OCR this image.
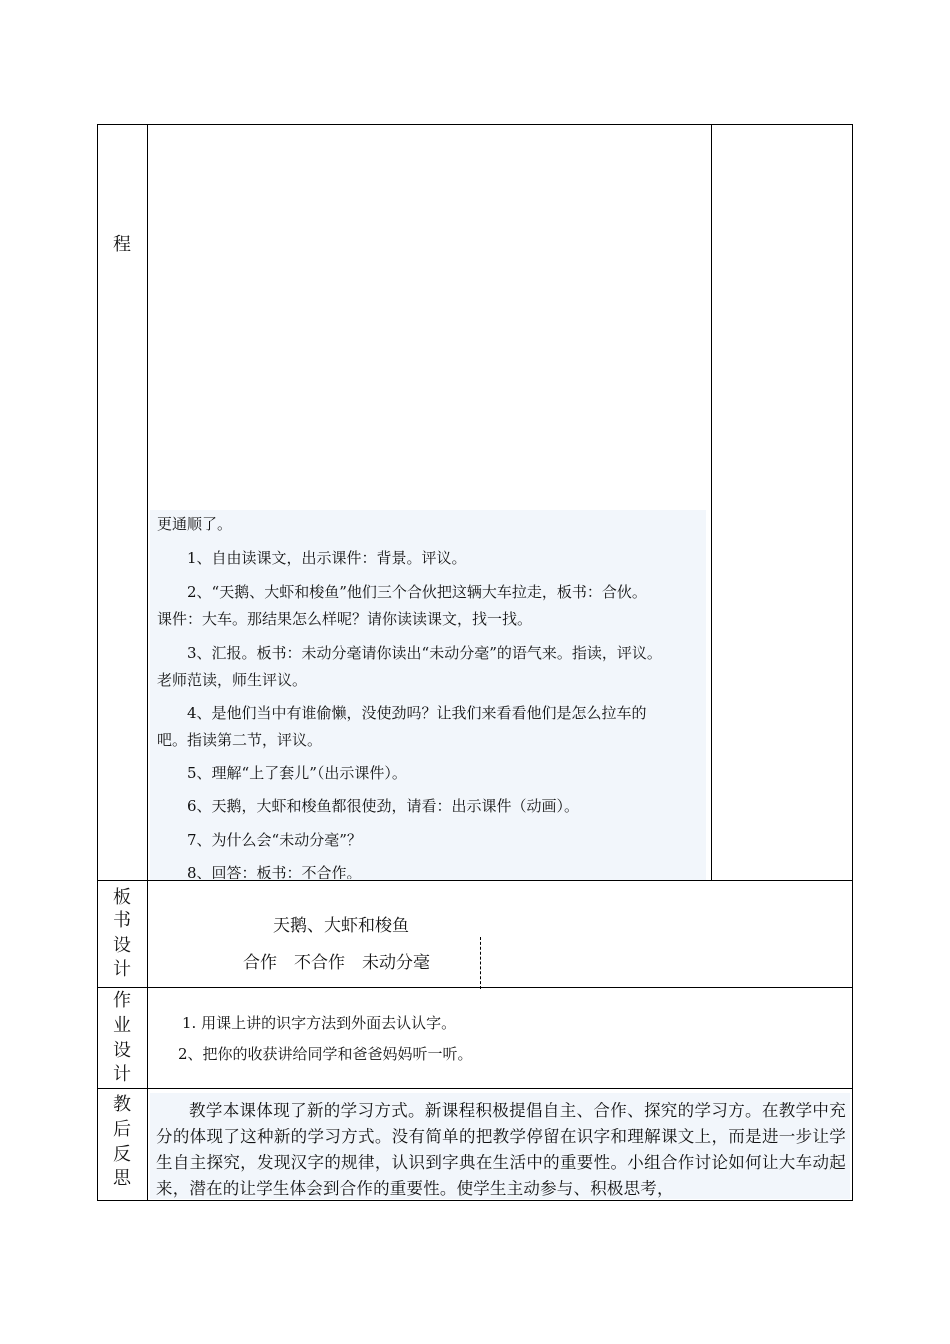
程
更通顺了。
　　1、自由读课文，出示课件：背景。评议。
　　2、“天鹅、大虾和梭鱼”他们三个合伙把这辆大车拉走，板书：合伙。
课件：大车。那结果怎么样呢？请你读读课文，找一找。
　　3、汇报。板书：未动分毫请你读出“未动分毫”的语气来。指读，评议。
老师范读，师生评议。
　　4、是他们当中有谁偷懒，没使劲吗？让我们来看看他们是怎么拉车的
吧。指读第二节，评议。
　　5、理解“上了套儿”（出示课件）。
　　6、天鹅，大虾和梭鱼都很使劲，请看：出示课件（动画）。
　　7、为什么会“未动分毫”？
　　8、回答：板书：不合作。
板
书
设
计
天鹅、大虾和梭鱼
合作　不合作　未动分毫
作
业
设
计
1. 用课上讲的识字方法到外面去认认字。
2、把你的收获讲给同学和爸爸妈妈听一听。
教
后
反
思
教学本课体现了新的学习方式。新课程积极提倡自主、合作、探究的学习方。在教学中充分的体现了这种新的学习方式。没有简单的把教学停留在识字和理解课文上，而是进一步让学生自主探究，发现汉字的规律，认识到字典在生活中的重要性。小组合作讨论如何让大车动起来，潜在的让学生体会到合作的重要性。使学生主动参与、积极思考，
